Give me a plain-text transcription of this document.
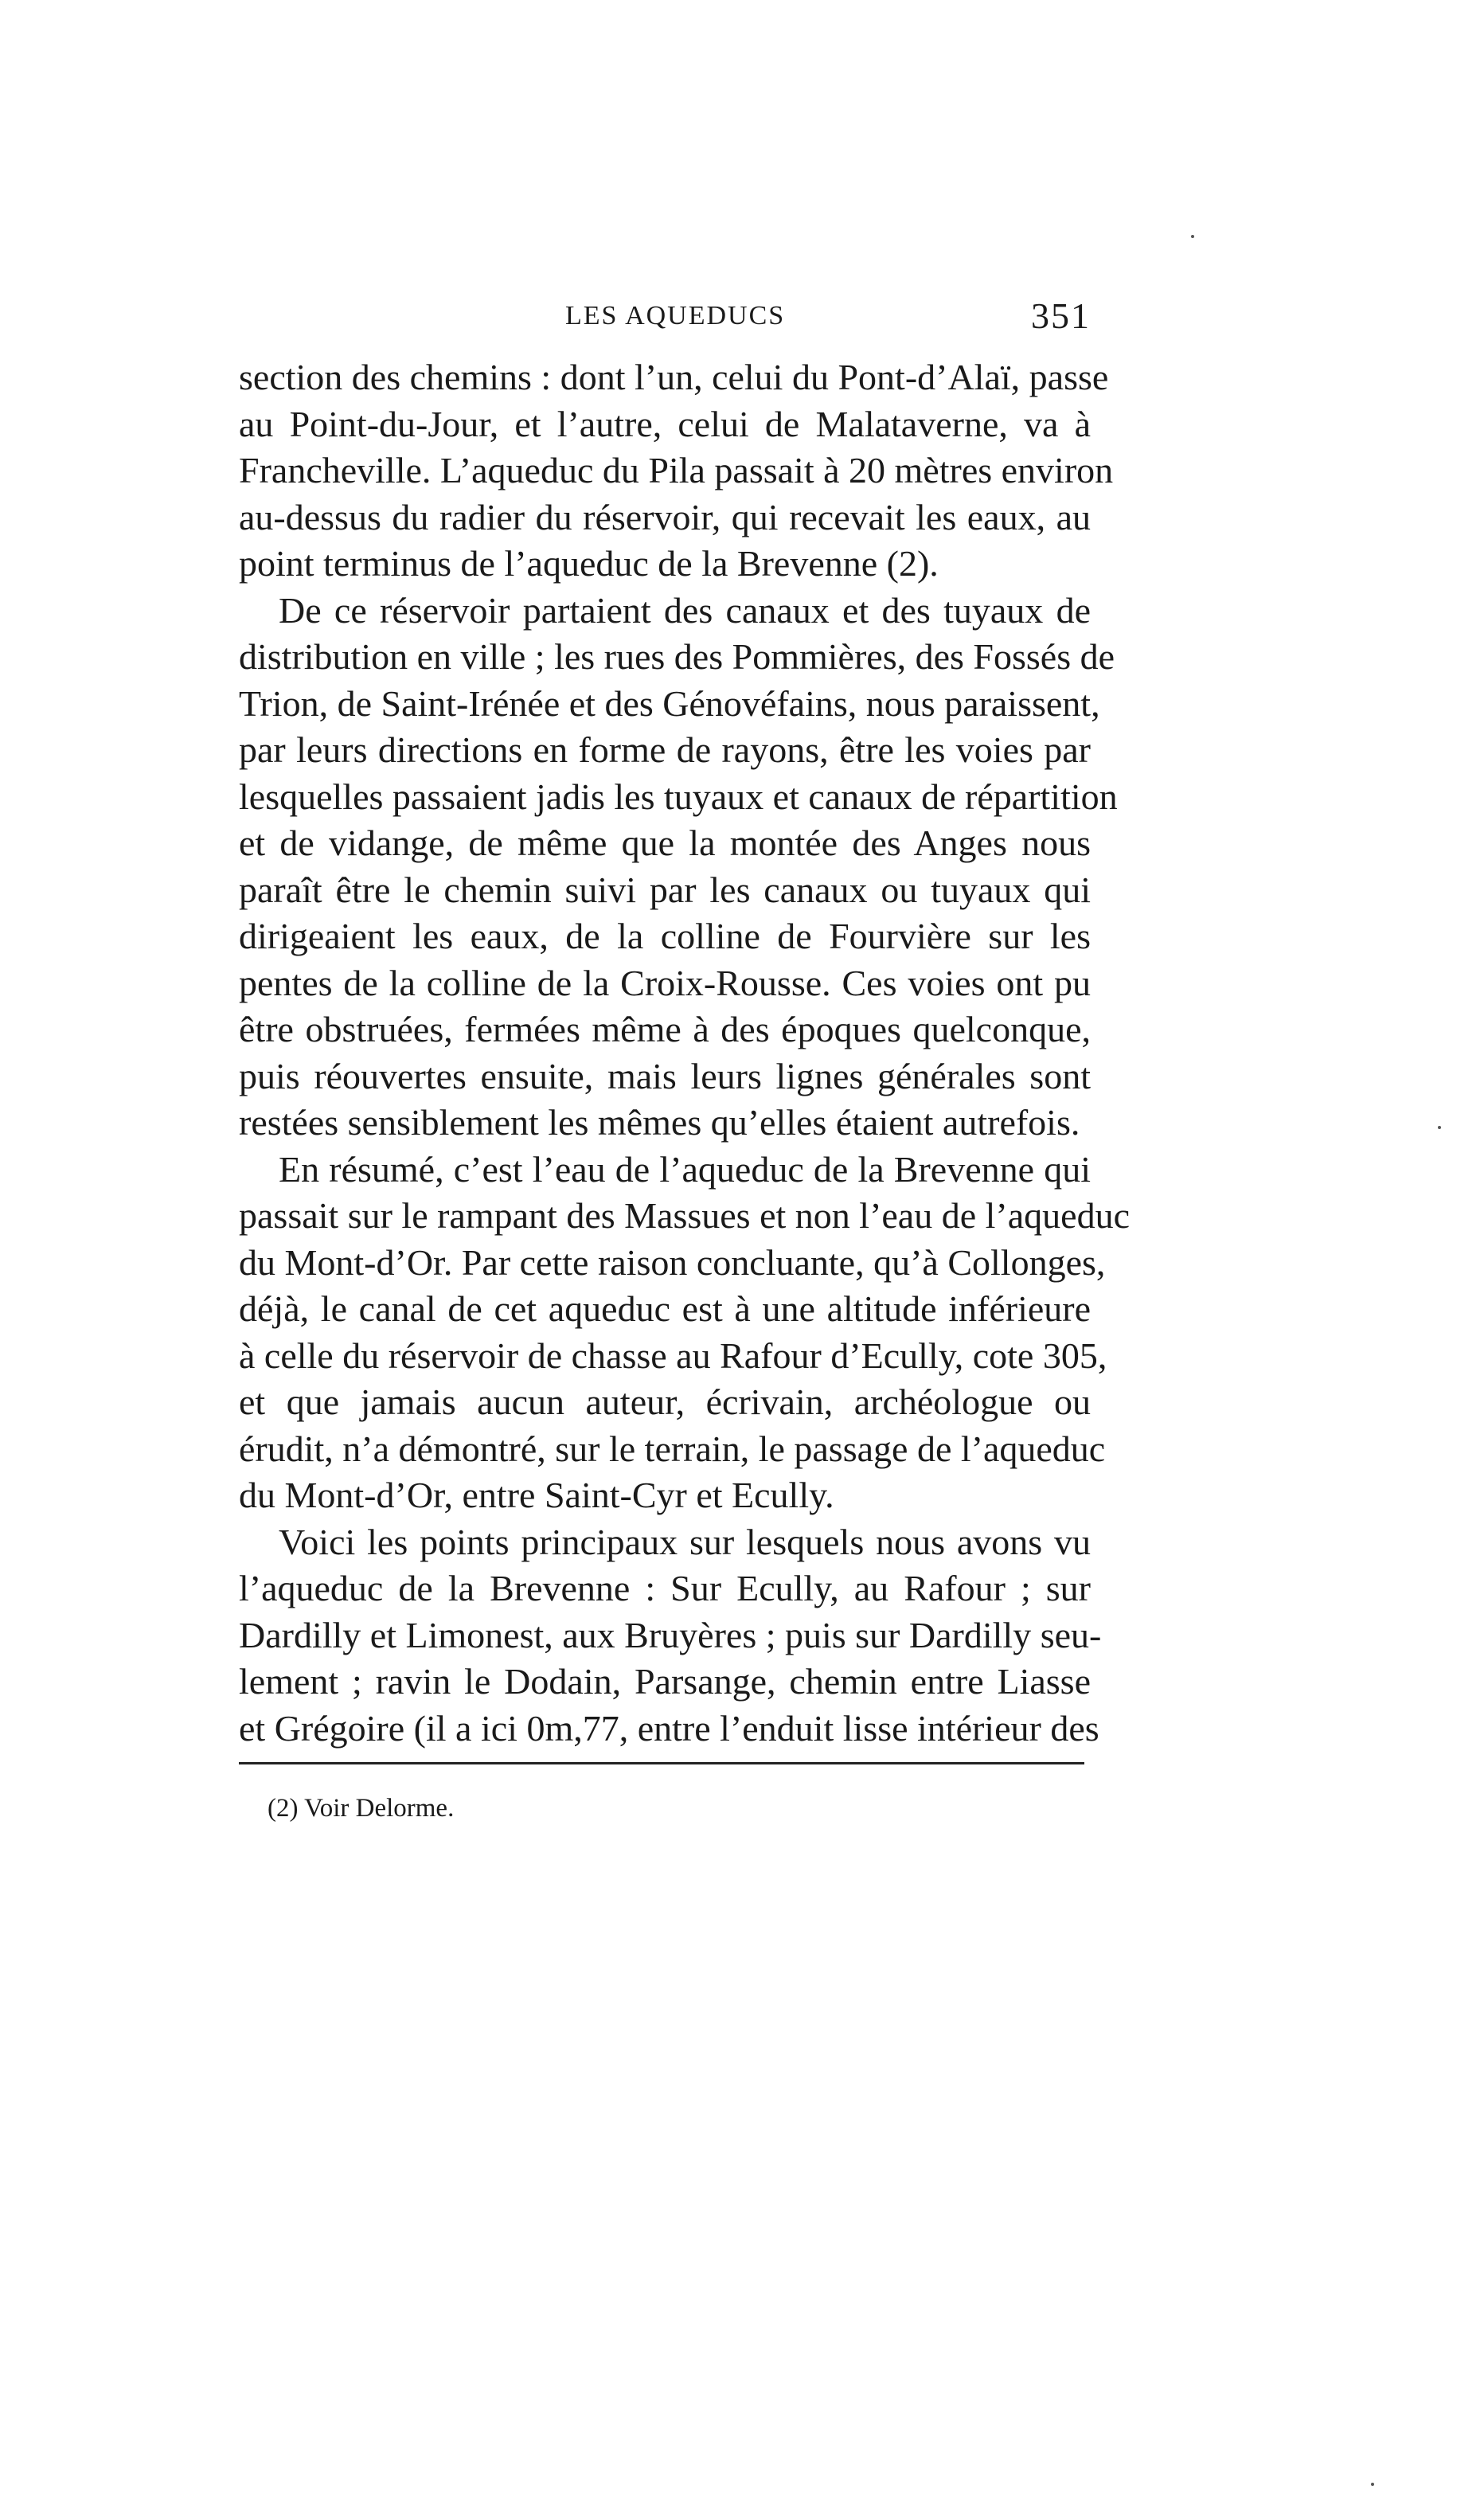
LES AQUEDUCS	351

section des chemins : dont l’un, celui du Pont-d’Alaï, passe
au Point-du-Jour, et l’autre, celui de Malataverne, va à
Francheville. L’aqueduc du Pila passait à 20 mètres environ
au-dessus du radier du réservoir, qui recevait les eaux, au
point terminus de l’aqueduc de la Brevenne (2).

De ce réservoir partaient des canaux et des tuyaux de
distribution en ville ; les rues des Pommières, des Fossés de
Trion, de Saint-Irénée et des Génovéfains, nous paraissent,
par leurs directions en forme de rayons, être les voies par
lesquelles passaient jadis les tuyaux et canaux de répartition
et de vidange, de même que la montée des Anges nous
paraît être le chemin suivi par les canaux ou tuyaux qui
dirigeaient les eaux, de la colline de Fourvière sur les
pentes de la colline de la Croix-Rousse. Ces voies ont pu
être obstruées, fermées même à des époques quelconque,
puis réouvertes ensuite, mais leurs lignes générales sont
restées sensiblement les mêmes qu’elles étaient autrefois.

En résumé, c’est l’eau de l’aqueduc de la Brevenne qui
passait sur le rampant des Massues et non l’eau de l’aqueduc
du Mont-d’Or. Par cette raison concluante, qu’à Collonges,
déjà, le canal de cet aqueduc est à une altitude inférieure
à celle du réservoir de chasse au Rafour d’Ecully, cote 305,
et que jamais aucun auteur, écrivain, archéologue ou
érudit, n’a démontré, sur le terrain, le passage de l’aqueduc
du Mont-d’Or, entre Saint-Cyr et Ecully.

Voici les points principaux sur lesquels nous avons vu
l’aqueduc de la Brevenne : Sur Ecully, au Rafour ; sur
Dardilly et Limonest, aux Bruyères ; puis sur Dardilly seu-
lement ; ravin le Dodain, Parsange, chemin entre Liasse
et Grégoire (il a ici 0m,77, entre l’enduit lisse intérieur des

(2) Voir Delorme.
